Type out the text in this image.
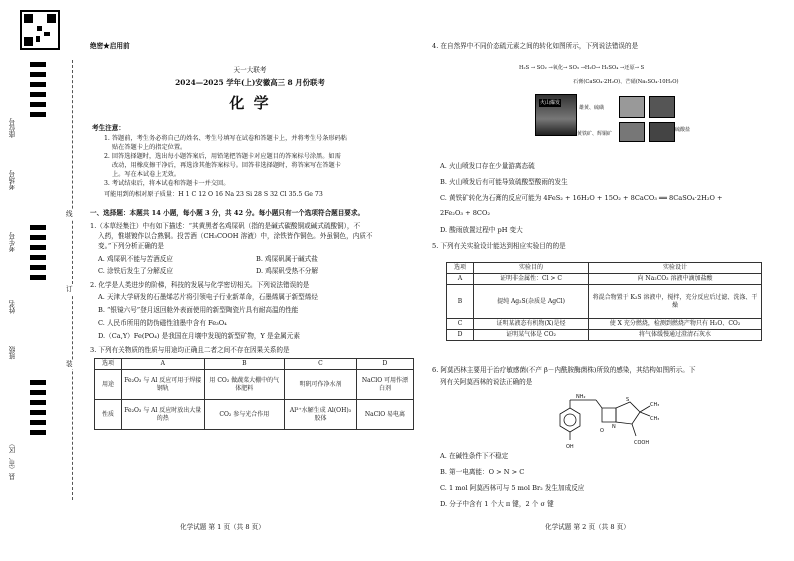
座位号
考场号
考生号
姓名
班级
县（市、区）
线
订
装
绝密★启用前
天一大联考
2024—2025 学年(上)安徽高三 8 月份联考
化 学
考生注意：
1. 答题前，考生务必将自己的姓名、考生号填写在试卷和答题卡上，并将考生号条形码粘
贴在答题卡上的指定位置。
2. 回答选择题时，选出每小题答案后，用铅笔把答题卡对应题目的答案标号涂黑。如需
改动，用橡皮擦干净后，再选涂其他答案标号。回答非选择题时，将答案写在答题卡
上。写在本试卷上无效。
3. 考试结束后，将本试卷和答题卡一并交回。
可能用到的相对原子质量：H 1 C 12 O 16 Na 23 Si 28 S 32 Cl 35.5 Ge 73
一、选择题：本题共 14 小题，每小题 3 分，共 42 分。每小题只有一个选项符合题目要求。
1.（本草经集注）中有如下描述：“其黄黑者名鸡屎矾（指的是碱式碳酸铜或碱式硫酸铜），不
入药，惟堪镀作以合熟铜。投苦酒（CH₃COOH 溶液）中，涂铁皆作铜色。外虽铜色，内质不
变。”下列分析正确的是
A. 鸡屎矾不能与苦酒反应	B. 鸡屎矾属于碱式盐
C. 涂铁后发生了分解反应	D. 鸡屎矾受热不分解
2. 化学是人类进步的阶梯，科技的发展与化学密切相关。下列说法错误的是
A. 天津大学研发的石墨烯芯片将引领电子行业新革命，石墨烯属于新型烯烃
B. “银镜六号”登月返回舱外表面使用的新型陶瓷片具有耐高温的性能
C. 人民币所用的防伪磁性油墨中含有 Fe₃O₄
D.（Ca,Y）Fe(PO₄) 是我国在月壤中发现的新型矿物，Y 是金属元素
3. 下列有关物质的性质与用途均正确且二者之间不存在因果关系的是
选项	A	B	C	D
用途	Fe₂O₃ 与 Al 反应可用于焊接钢轨	用 CO₂ 做蔬菜大棚中的气体肥料	明矾可作净水剂	NaClO 可用作漂白剂
性质	Fe₂O₃ 与 Al 反应时放出大量的热	CO₂ 参与光合作用	Al³⁺水解生成 Al(OH)₃ 胶体	NaClO 易电离
化学试题 第 1 页（共 8 页）
4. 在自然界中不同价态硫元素之间的转化如图所示，下列说法错误的是
H₂S → SO₂ →氧化→ SO₃ →H₂O→ H₂SO₄ →还原→ S
石膏(CaSO₄·2H₂O)、芒硝(Na₂SO₄·10H₂O)
火山爆发
雄黄、硫磺
黄铁矿、辉铜矿
硫酸盐
A. 火山喷发口存在少量游离态硫
B. 火山喷发后有可能导致硫酸型酸雨的发生
C. 黄铁矿转化为石膏的反应可能为 4FeS₂ + 16H₂O + 15O₂ + 8CaCO₃ ══ 8CaSO₄·2H₂O +
2Fe₂O₃ + 8CO₂
D. 酸雨放置过程中 pH 变大
5. 下列有关实验设计能达到相应实验目的的是
选项	实验目的	实验设计
A	证明非金属性：Cl > C	向 Na₂CO₃ 溶液中滴加盐酸
B	提纯 Ag₂S(杂质是 AgCl)	将混合物置于 K₂S 溶液中，搅拌，充分反应后过滤、洗涤、干燥
C	证明某液态有机物(X)是烃	使 X 充分燃烧，检测到燃烧产物只有 H₂O、CO₂
D	证明某气体是 CO₂	将气体缓慢通过澄清石灰水
6. 阿莫西林主要用于治疗敏感菌(不产 β－内酰胺酶菌株)所致的感染，其结构如图所示。下
列有关阿莫西林的说法正确的是
NH₂
OH
S
O
COOH
CH₃
CH₃
N
A. 在碱性条件下不稳定
B. 第一电离能：O > N > C
C. 1 mol 阿莫西林可与 5 mol Br₂ 发生加成反应
D. 分子中含有 1 个大 π 键，2 个 σ 键
化学试题 第 2 页（共 8 页）
